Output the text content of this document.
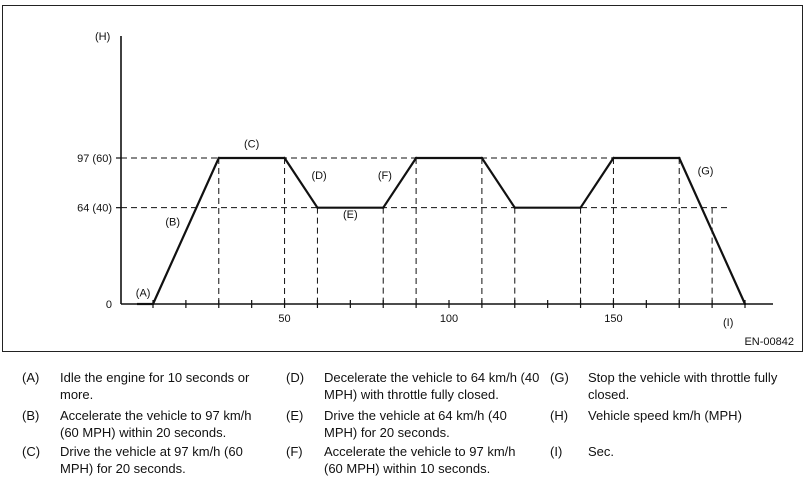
0
64 (40)
97 (60)
50	100	150
(H)
(I)
(A)
(B)
(C)
(D)
(E)
(F)	(G)
EN-00842
(A) Idle the engine for 10 seconds or more.
(B) Accelerate the vehicle to 97 km/h (60 MPH) within 20 seconds.
(C) Drive the vehicle at 97 km/h (60 MPH) for 20 seconds.
(D) Decelerate the vehicle to 64 km/h (40 MPH) with throttle fully closed.
(E) Drive the vehicle at 64 km/h (40 MPH) for 20 seconds.
(F) Accelerate the vehicle to 97 km/h (60 MPH) within 10 seconds.
(G) Stop the vehicle with throttle fully closed.
(H) Vehicle speed km/h (MPH)
(I) Sec.
